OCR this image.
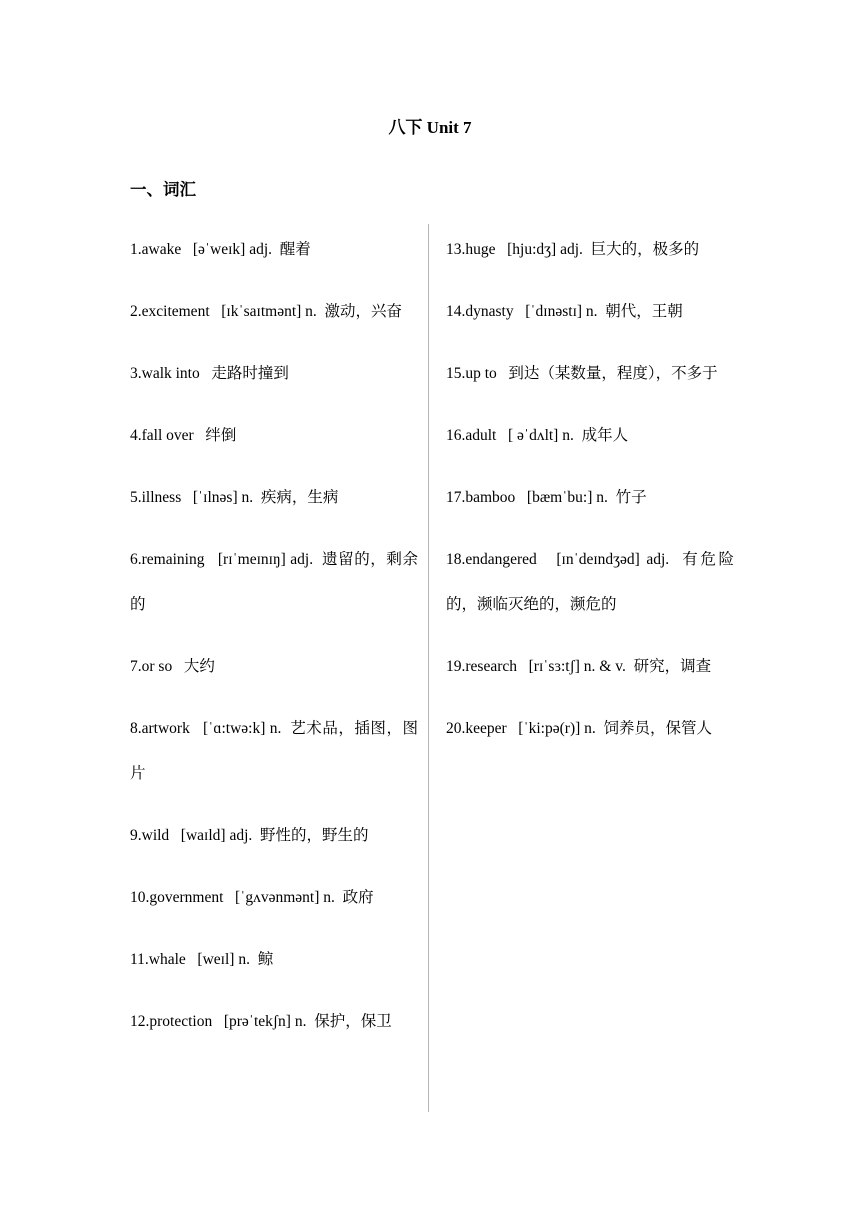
八下 Unit 7
一、词汇
1.awake   [əˈweɪk] adj.  醒着
2.excitement   [ɪkˈsaɪtmənt] n.  激动，兴奋
3.walk into   走路时撞到
4.fall over   绊倒
5.illness   [ˈɪlnəs] n.  疾病，生病
6.remaining   [rɪˈmeɪnɪŋ] adj.  遗留的，剩余的
7.or so   大约
8.artwork   [ˈɑ:twə:k] n.  艺术品，插图，图片
9.wild   [waɪld] adj.  野性的，野生的
10.government   [ˈgʌvənmənt] n.  政府
11.whale   [weɪl] n.  鲸
12.protection   [prəˈtekʃn] n.  保护，保卫
13.huge   [hju:dʒ] adj.  巨大的，极多的
14.dynasty   [ˈdɪnəstɪ] n.  朝代，王朝
15.up to   到达（某数量，程度），不多于
16.adult   [ əˈdʌlt] n.  成年人
17.bamboo   [bæmˈbu:] n.  竹子
18.endangered   [ɪnˈdeɪndʒəd] adj.  有危险的，濒临灭绝的，濒危的
19.research   [rɪˈsɜ:tʃ] n. & v.  研究，调查
20.keeper   [ˈki:pə(r)] n.  饲养员，保管人
